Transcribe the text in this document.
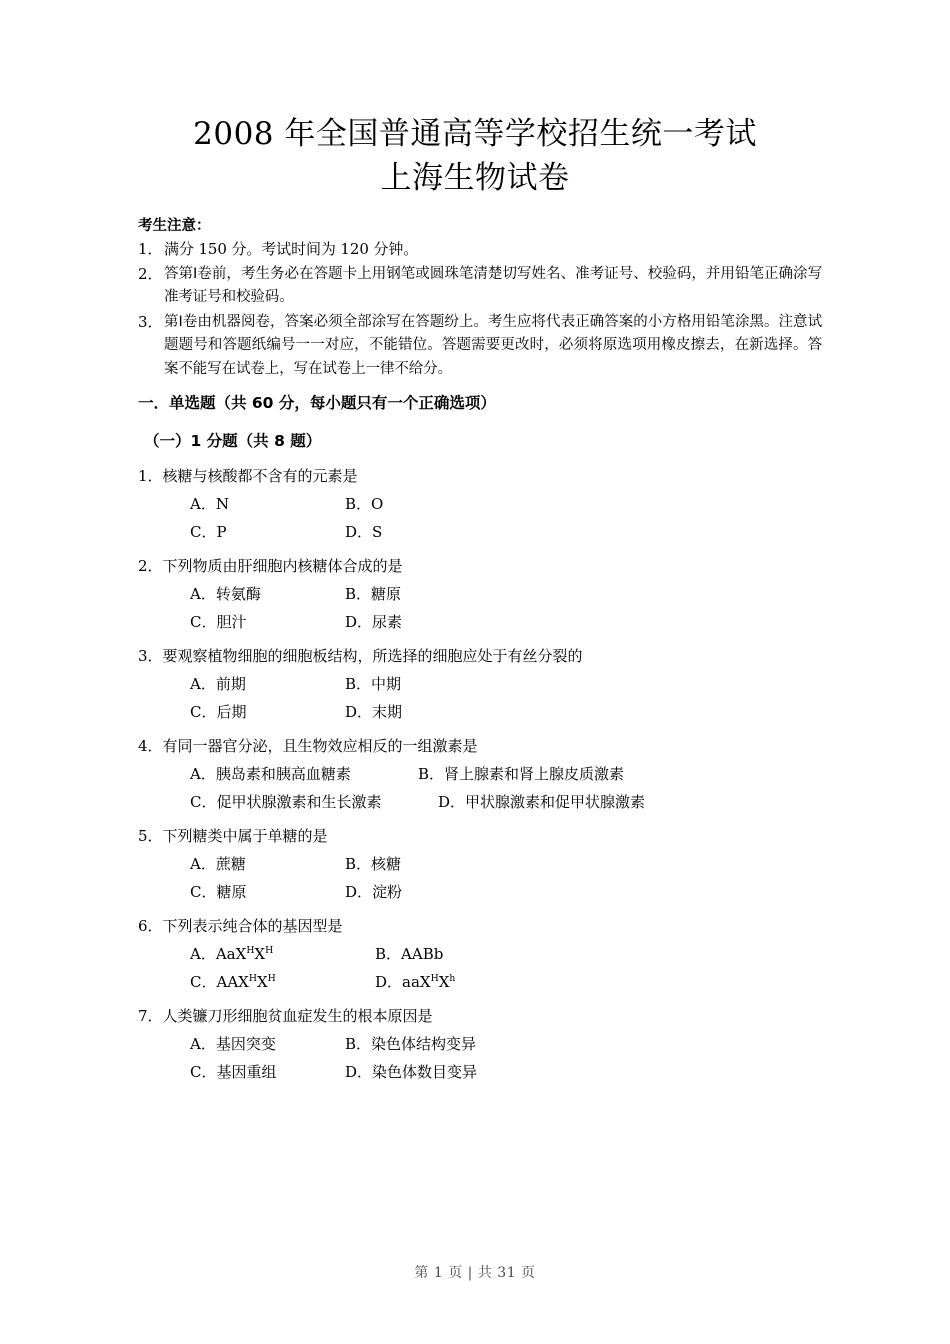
2008 年全国普通高等学校招生统一考试
上海生物试卷
考生注意：
1． 满分 150 分。考试时间为 120 分钟。
2． 答第Ⅰ卷前，考生务必在答题卡上用钢笔或圆珠笔清楚切写姓名、准考证号、校验码，并用铅笔正确涂写准考证号和校验码。
3． 第Ⅰ卷由机器阅卷，答案必须全部涂写在答题纷上。考生应将代表正确答案的小方格用铅笔涂黑。注意试题题号和答题纸编号一一对应，不能错位。答题需要更改时，必须将原选项用橡皮擦去，在新选择。答案不能写在试卷上，写在试卷上一律不给分。
一．单选题（共 60 分，每小题只有一个正确选项）
（一）1 分题（共 8 题）
1．核糖与核酸都不含有的元素是
A．N	B．O
C．P	D．S
2．下列物质由肝细胞内核糖体合成的是
A．转氨酶	B．糖原
C．胆汁	D．尿素
3．要观察植物细胞的细胞板结构，所选择的细胞应处于有丝分裂的
A．前期	B．中期
C．后期	D．末期
4．有同一器官分泌，且生物效应相反的一组激素是
A．胰岛素和胰高血糖素	B．肾上腺素和肾上腺皮质激素
C．促甲状腺激素和生长激素	D．甲状腺激素和促甲状腺激素
5．下列糖类中属于单糖的是
A．蔗糖	B．核糖
C．糖原	D．淀粉
6．下列表示纯合体的基因型是
A．$AaX^HX^H$	B．AABb
C．$AAX^HX^H$	D．$aaX^HX^h$
7．人类镰刀形细胞贫血症发生的根本原因是
A．基因突变	B．染色体结构变异
C．基因重组	D．染色体数目变异
第 1 页 | 共 31 页
